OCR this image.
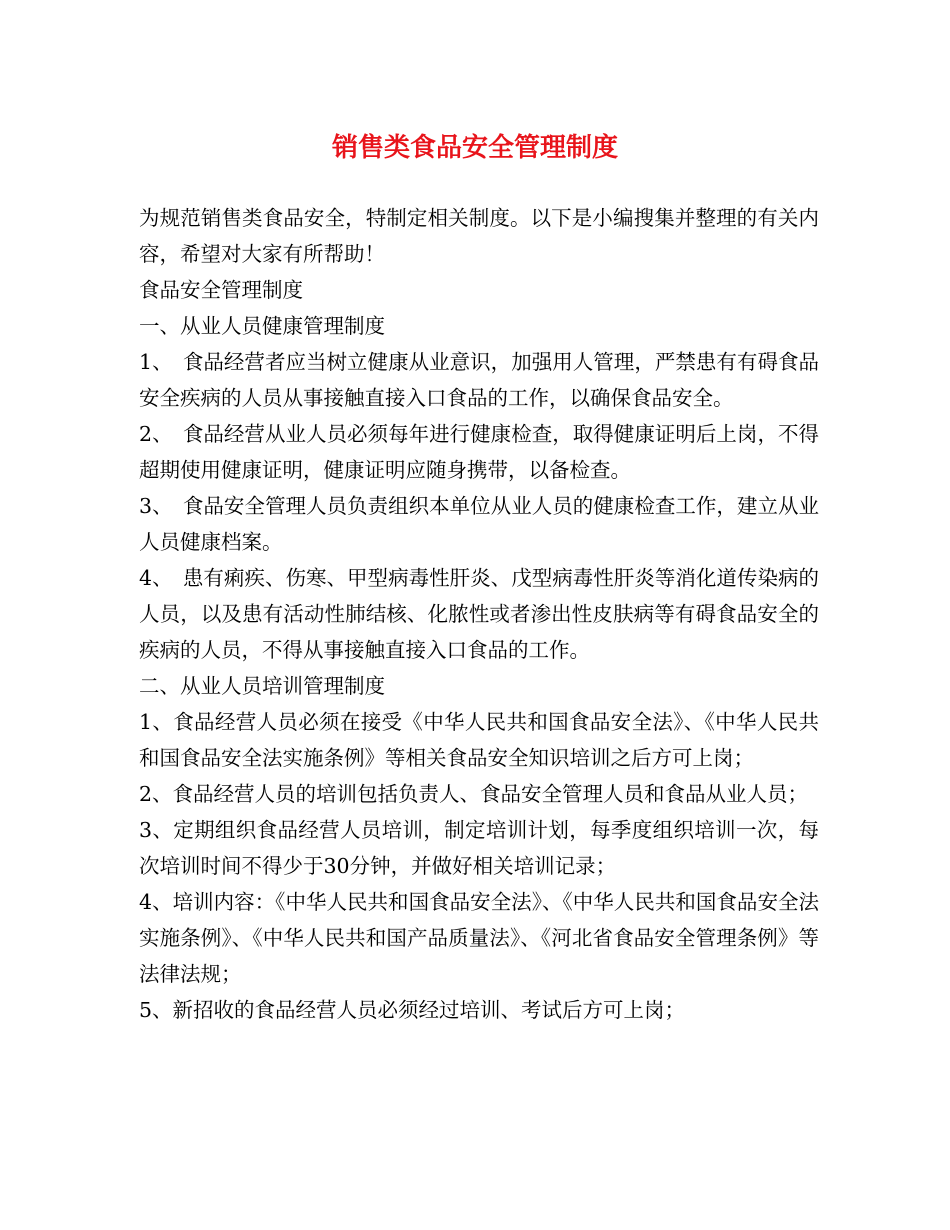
销售类食品安全管理制度

为规范销售类食品安全，特制定相关制度。以下是小编搜集并整理的有关内容，希望对大家有所帮助！

食品安全管理制度

一、从业人员健康管理制度

1、　食品经营者应当树立健康从业意识，加强用人管理，严禁患有有碍食品安全疾病的人员从事接触直接入口食品的工作，以确保食品安全。

2、　食品经营从业人员必须每年进行健康检查，取得健康证明后上岗，不得超期使用健康证明，健康证明应随身携带，以备检查。

3、　食品安全管理人员负责组织本单位从业人员的健康检查工作，建立从业人员健康档案。

4、　患有痢疾、伤寒、甲型病毒性肝炎、戊型病毒性肝炎等消化道传染病的人员，以及患有活动性肺结核、化脓性或者渗出性皮肤病等有碍食品安全的疾病的人员，不得从事接触直接入口食品的工作。

二、从业人员培训管理制度

1、食品经营人员必须在接受《中华人民共和国食品安全法》、《中华人民共和国食品安全法实施条例》等相关食品安全知识培训之后方可上岗；

2、食品经营人员的培训包括负责人、食品安全管理人员和食品从业人员；

3、定期组织食品经营人员培训，制定培训计划，每季度组织培训一次，每次培训时间不得少于30分钟，并做好相关培训记录；

4、培训内容：《中华人民共和国食品安全法》、《中华人民共和国食品安全法实施条例》、《中华人民共和国产品质量法》、《河北省食品安全管理条例》等法律法规；

5、新招收的食品经营人员必须经过培训、考试后方可上岗；
